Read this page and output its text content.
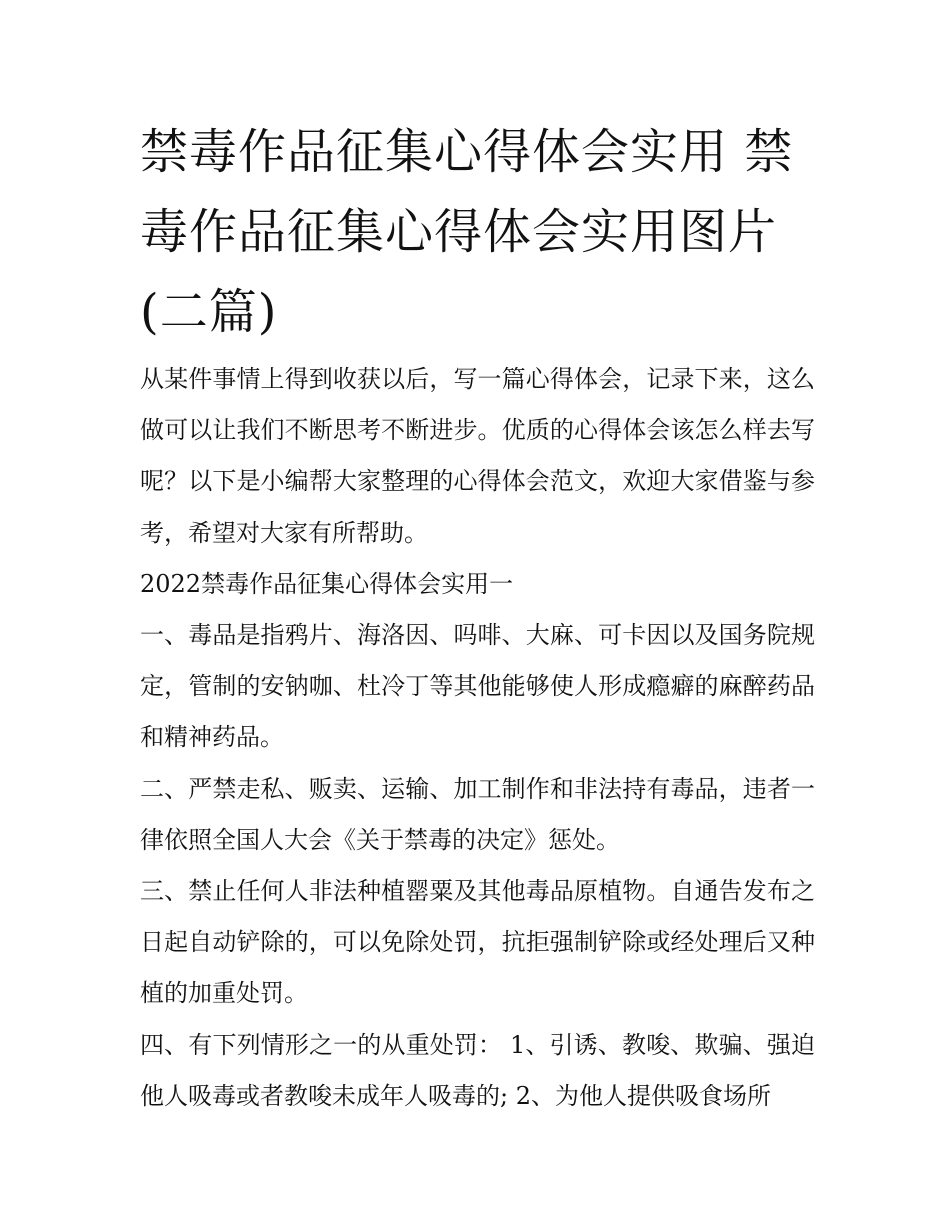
禁毒作品征集心得体会实用 禁毒作品征集心得体会实用图片(二篇)

从某件事情上得到收获以后，写一篇心得体会，记录下来，这么做可以让我们不断思考不断进步。优质的心得体会该怎么样去写呢？以下是小编帮大家整理的心得体会范文，欢迎大家借鉴与参考，希望对大家有所帮助。

2022禁毒作品征集心得体会实用一

一、毒品是指鸦片、海洛因、吗啡、大麻、可卡因以及国务院规定，管制的安钠咖、杜冷丁等其他能够使人形成瘾癖的麻醉药品和精神药品。

二、严禁走私、贩卖、运输、加工制作和非法持有毒品，违者一律依照全国人大会《关于禁毒的决定》惩处。

三、禁止任何人非法种植罂粟及其他毒品原植物。自通告发布之日起自动铲除的，可以免除处罚，抗拒强制铲除或经处理后又种植的加重处罚。

四、有下列情形之一的从重处罚： 1、引诱、教唆、欺骗、强迫他人吸毒或者教唆未成年人吸毒的; 2、为他人提供吸食场所
